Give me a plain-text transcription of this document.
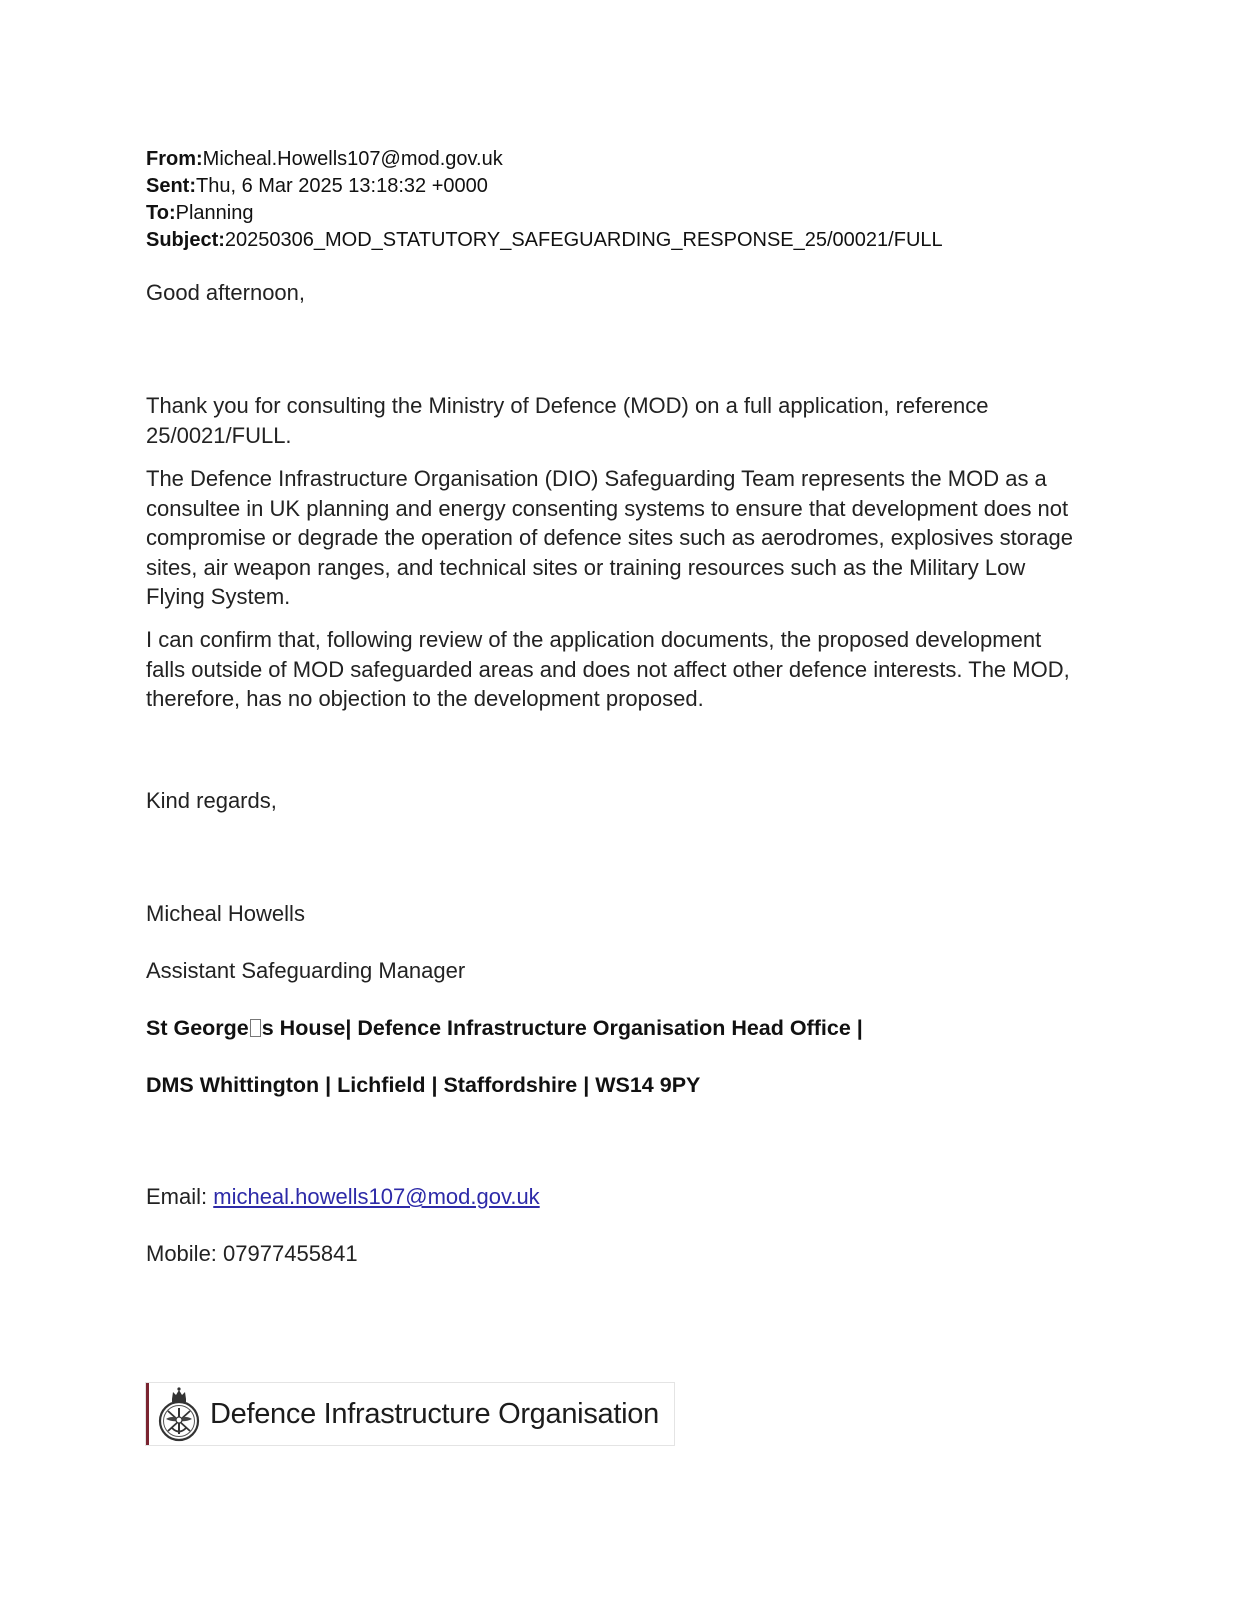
From:Micheal.Howells107@mod.gov.uk
Sent:Thu, 6 Mar 2025 13:18:32 +0000
To:Planning
Subject:20250306_MOD_STATUTORY_SAFEGUARDING_RESPONSE_25/00021/FULL
Good afternoon,
Thank you for consulting the Ministry of Defence (MOD) on a full application, reference 25/0021/FULL.
The Defence Infrastructure Organisation (DIO) Safeguarding Team represents the MOD as a consultee in UK planning and energy consenting systems to ensure that development does not compromise or degrade the operation of defence sites such as aerodromes, explosives storage sites, air weapon ranges, and technical sites or training resources such as the Military Low Flying System.
I can confirm that, following review of the application documents, the proposed development falls outside of MOD safeguarded areas and does not affect other defence interests. The MOD, therefore, has no objection to the development proposed.
Kind regards,
Micheal Howells
Assistant Safeguarding Manager
St George s House| Defence Infrastructure Organisation Head Office |
DMS Whittington | Lichfield | Staffordshire | WS14 9PY
Email: micheal.howells107@mod.gov.uk
Mobile: 07977455841
Defence Infrastructure Organisation
